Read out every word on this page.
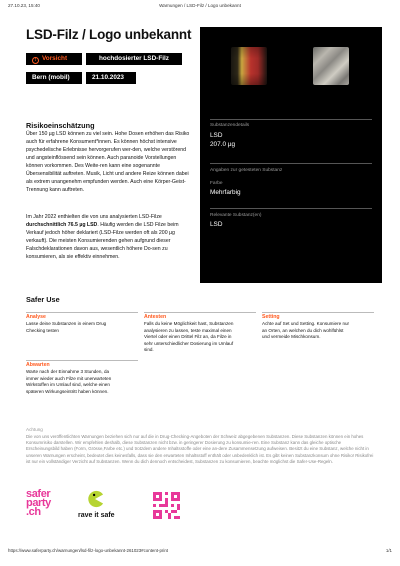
27.10.23, 15:40	Warnungen / LSD-Filz / Logo unbekannt
LSD-Filz / Logo unbekannt
! Vorsicht	hochdosierter LSD-Filz
Bern (mobil)	21.10.2023
Substanzendetails
LSD
207.0 µg
Angaben zur getesteten Substanz
Farbe
Mehrfarbig
Relevante Substanz(en)
LSD
Risikoeinschätzung

Über 150 µg LSD können zu viel sein. Hohe Dosen erhöhen das Risiko auch für erfahrene Konsument*innen. Es können höchst intensive psychedelische Erlebnisse hervorgerufen wer-den, welche verstörend und angsteinflössend sein können. Auch paranoide Vorstellungen können vorkommen. Des Weite-ren kann eine sogenannte Übersensibilität auftreten. Musik, Licht und andere Reize können dabei als extrem unangenehm empfunden werden. Auch eine Körper-Geist-Trennung kann auftreten.

Im Jahr 2022 enthielten die von uns analysierten LSD-Filze durchschnittlich 76.5 µg LSD. Häufig werden die LSD Filze beim Verkauf jedoch höher deklariert (LSD-Filze werden oft als 200 µg verkauft). Die meisten Konsumierenden gehen aufgrund dieser Falschdeklarationen davon aus, wesentlich höhere Do-sen zu konsumieren, als sie effektiv einnehmen.

Safer Use
Analyse
Lasse deine Substanzen in einem Drug Checking testen
Antesten
Falls du keine Möglichkeit hast, Substanzen analysieren zu lassen, teste maximal einen Viertel oder einen Drittel Filz an, da Filze in sehr unterschiedlicher Dosierung im Umlauf sind.
Setting
Achte auf Set und Setting. Konsumiere nur an Orten, an welchen du dich wohlfühlst und vermeide Mischkonsum.
Abwarten
Warte nach der Einnahme 3 Stunden, da immer wieder auch Filze mit unerwarteten Wirkstoffen im Umlauf sind, welche einen späteren Wirkungseintritt haben können.
Achtung

Die von uns veröffentlichten Warnungen beziehen sich nur auf die in Drug-Checking-Angeboten der Schweiz abgegebenen Substanzen. Diese Substanzen können ein hohes Konsumrisiko darstellen. Wir empfehlen deshalb, diese Substanzen nicht bzw. in geringerer Dosierung zu konsumie-ren. Eine Substanz kann das gleiche optische Erscheinungsbild haben (Form, Grösse,Farbe etc.) und trotzdem andere Inhaltsstoffe oder eine an-dere Zusammensetzung aufweisen. Besitzt du eine Substanz, welche nicht in unseren Warnungen erscheint, bedeutet dies keinesfalls, dass sie den erwarteten Inhaltsstoff enthält oder unbedenklich ist. Es gibt keinen Substanzkonsum ohne Risiko! Risikofrei ist nur ein vollständiger Verzicht auf Substanzen. Wenn du dich dennoch entscheidest, Substanzen zu konsumieren, beachte möglichst die Safer-Use-Regeln.

safer
party
.ch	rave it safe
https://www.saferparty.ch/warnungen/lsd-filz-logo-unbekannt-261023#content-print	1/1
